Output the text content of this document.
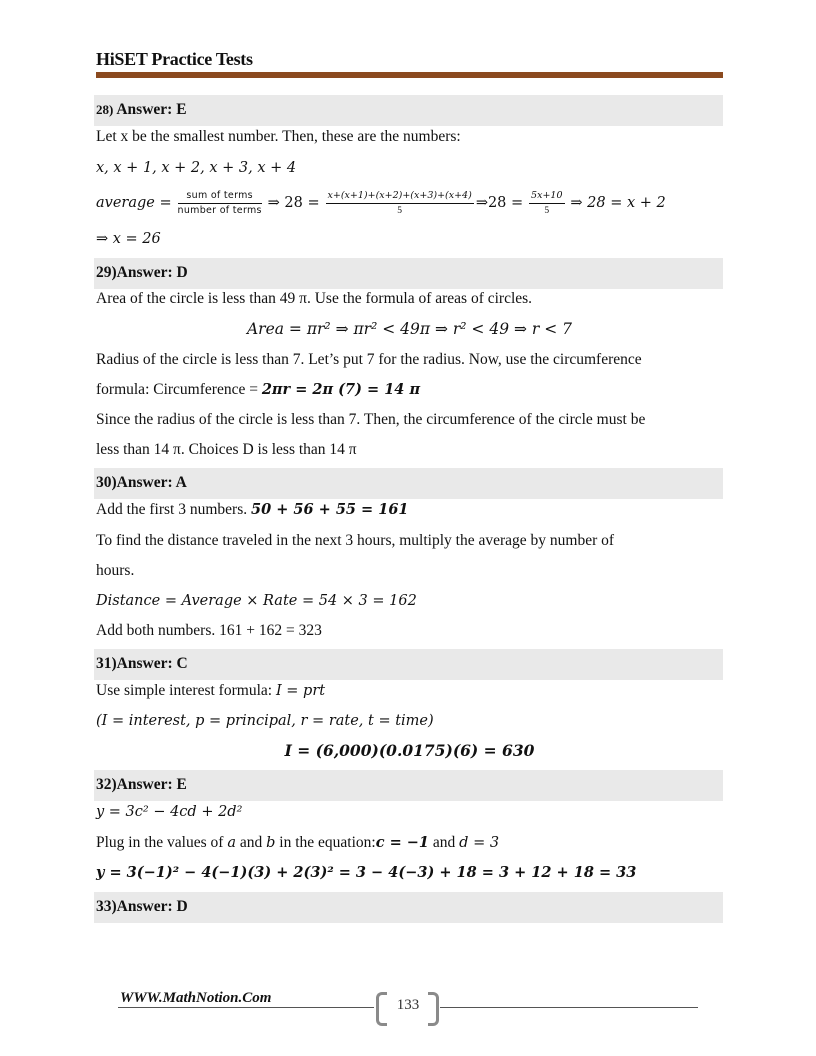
HiSET Practice Tests
28) Answer: E
Let x be the smallest number. Then, these are the numbers:
x, x + 1, x + 2, x + 3, x + 4
average = $\frac{\text{sum of terms}}{\text{number of terms}}$ ⇒ $28 = \frac{x+(x+1)+(x+2)+(x+3)+(x+4)}{5}$ ⇒28 = $\frac{5x+10}{5}$ ⇒ 28 = x + 2
⇒ x = 26
29)Answer: D
Area of the circle is less than 49 π. Use the formula of areas of circles.
Area = πr² ⇒ πr² < 49π ⇒ r² < 49 ⇒ r < 7
Radius of the circle is less than 7. Let’s put 7 for the radius. Now, use the circumference
formula: Circumference = 2πr = 2π (7) = 14 π
Since the radius of the circle is less than 7. Then, the circumference of the circle must be
less than 14 π. Choices D is less than 14 π
30)Answer: A
Add the first 3 numbers. 50 + 56 + 55 = 161
To find the distance traveled in the next 3 hours, multiply the average by number of
hours.
Distance = Average × Rate = 54 × 3 = 162
Add both numbers. 161 + 162 = 323
31)Answer: C
Use simple interest formula: I = prt
(I = interest, p = principal, r = rate, t = time)
I = (6,000)(0.0175)(6) = 630
32)Answer: E
y = 3c² − 4cd + 2d²
Plug in the values of a and b in the equation:c = −1 and d = 3
y = 3(−1)² − 4(−1)(3) + 2(3)² = 3 − 4(−3) + 18 = 3 + 12 + 18 = 33
33)Answer: D
WWW.MathNotion.Com	133
